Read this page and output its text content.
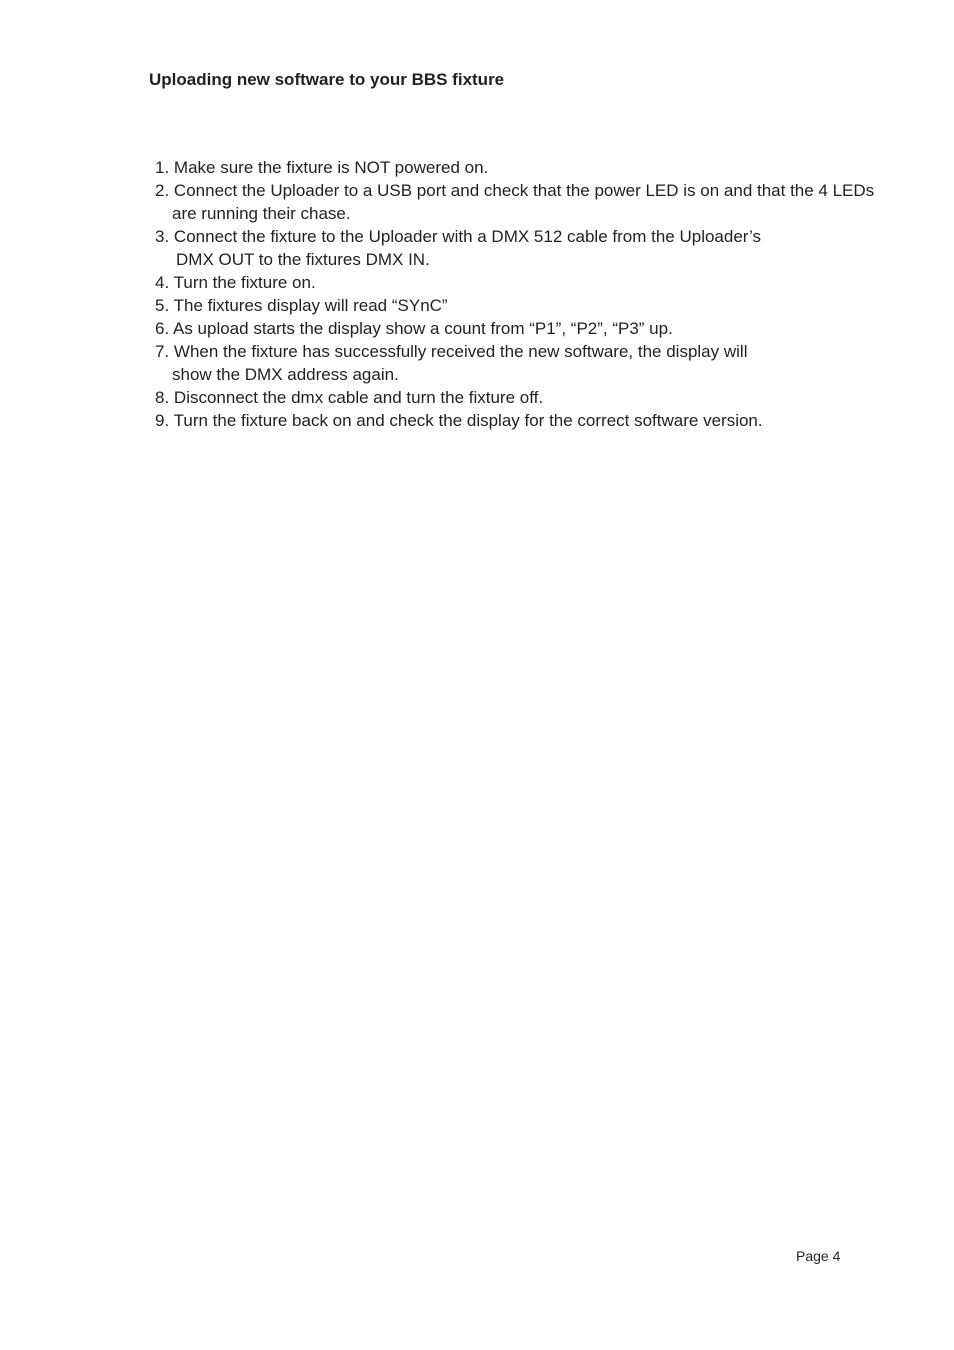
Uploading new software to your BBS fixture
1. Make sure the fixture is NOT powered on.
2. Connect the Uploader to a USB port and check that the power LED is on and that the 4 LEDs
are running their chase.
3. Connect the fixture to the Uploader with a DMX 512 cable from the Uploader’s
DMX OUT to the fixtures DMX IN.
4. Turn the fixture on.
5. The fixtures display will read “SYnC”
6. As upload starts the display show a count from “P1”, “P2”, “P3” up.
7. When the fixture has successfully received the new software, the display will
show the DMX address again.
8. Disconnect the dmx cable and turn the fixture off.
9. Turn the fixture back on and check the display for the correct software version.
Page 4
